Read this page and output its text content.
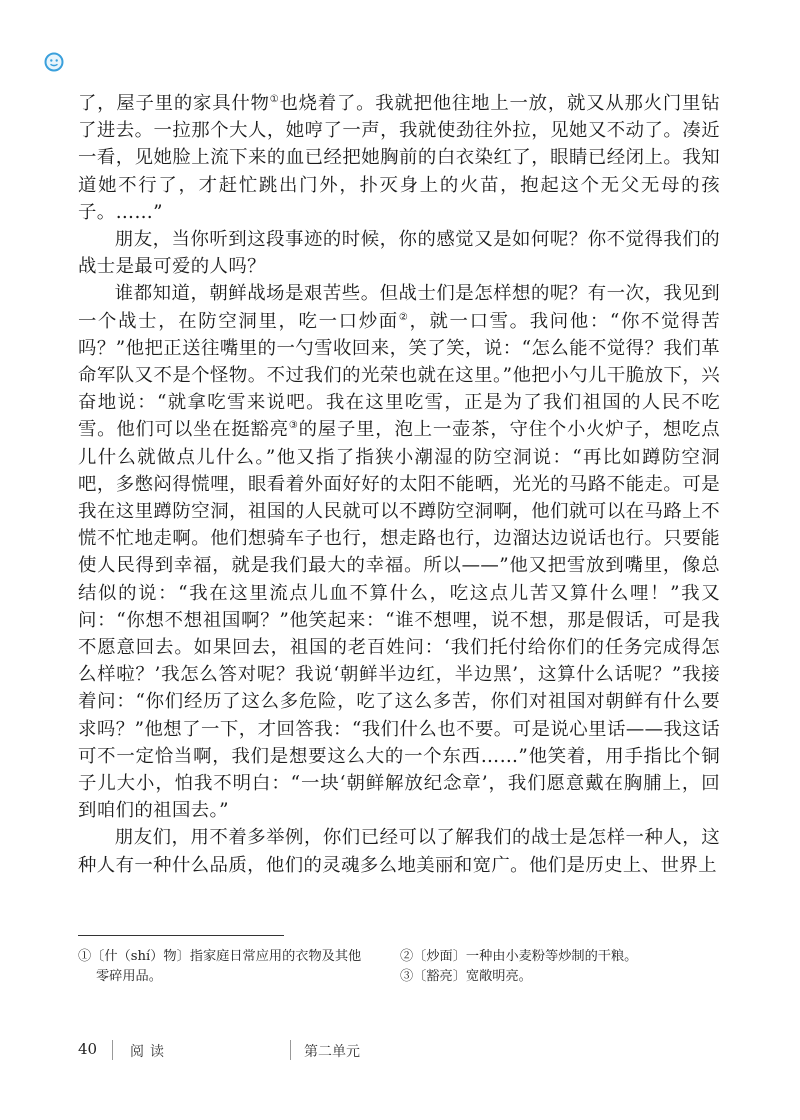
了，屋子里的家具什物①也烧着了。我就把他往地上一放，就又从那火门里钻了进去。一拉那个大人，她哼了一声，我就使劲往外拉，见她又不动了。凑近一看，见她脸上流下来的血已经把她胸前的白衣染红了，眼睛已经闭上。我知道她不行了，才赶忙跳出门外，扑灭身上的火苗，抱起这个无父无母的孩子。……”

朋友，当你听到这段事迹的时候，你的感觉又是如何呢？你不觉得我们的战士是最可爱的人吗？

谁都知道，朝鲜战场是艰苦些。但战士们是怎样想的呢？有一次，我见到一个战士，在防空洞里，吃一口炒面②，就一口雪。我问他：“你不觉得苦吗？”他把正送往嘴里的一勺雪收回来，笑了笑，说：“怎么能不觉得？我们革命军队又不是个怪物。不过我们的光荣也就在这里。”他把小勺儿干脆放下，兴奋地说：“就拿吃雪来说吧。我在这里吃雪，正是为了我们祖国的人民不吃雪。他们可以坐在挺豁亮③的屋子里，泡上一壶茶，守住个小火炉子，想吃点儿什么就做点儿什么。”他又指了指狭小潮湿的防空洞说：“再比如蹲防空洞吧，多憋闷得慌哩，眼看着外面好好的太阳不能晒，光光的马路不能走。可是我在这里蹲防空洞，祖国的人民就可以不蹲防空洞啊，他们就可以在马路上不慌不忙地走啊。他们想骑车子也行，想走路也行，边溜达边说话也行。只要能使人民得到幸福，就是我们最大的幸福。所以——”他又把雪放到嘴里，像总结似的说：“我在这里流点儿血不算什么，吃这点儿苦又算什么哩！”我又问：“你想不想祖国啊？”他笑起来：“谁不想哩，说不想，那是假话，可是我不愿意回去。如果回去，祖国的老百姓问：‘我们托付给你们的任务完成得怎么样啦？’我怎么答对呢？我说‘朝鲜半边红，半边黑’，这算什么话呢？”我接着问：“你们经历了这么多危险，吃了这么多苦，你们对祖国对朝鲜有什么要求吗？”他想了一下，才回答我：“我们什么也不要。可是说心里话——我这话可不一定恰当啊，我们是想要这么大的一个东西……”他笑着，用手指比个铜子儿大小，怕我不明白：“一块‘朝鲜解放纪念章’，我们愿意戴在胸脯上，回到咱们的祖国去。”

朋友们，用不着多举例，你们已经可以了解我们的战士是怎样一种人，这种人有一种什么品质，他们的灵魂多么地美丽和宽广。他们是历史上、世界上

①〔什（shí）物〕指家庭日常应用的衣物及其他

零碎用品。

②〔炒面〕一种由小麦粉等炒制的干粮。

③〔豁亮〕宽敞明亮。

40 阅读	第二单元
